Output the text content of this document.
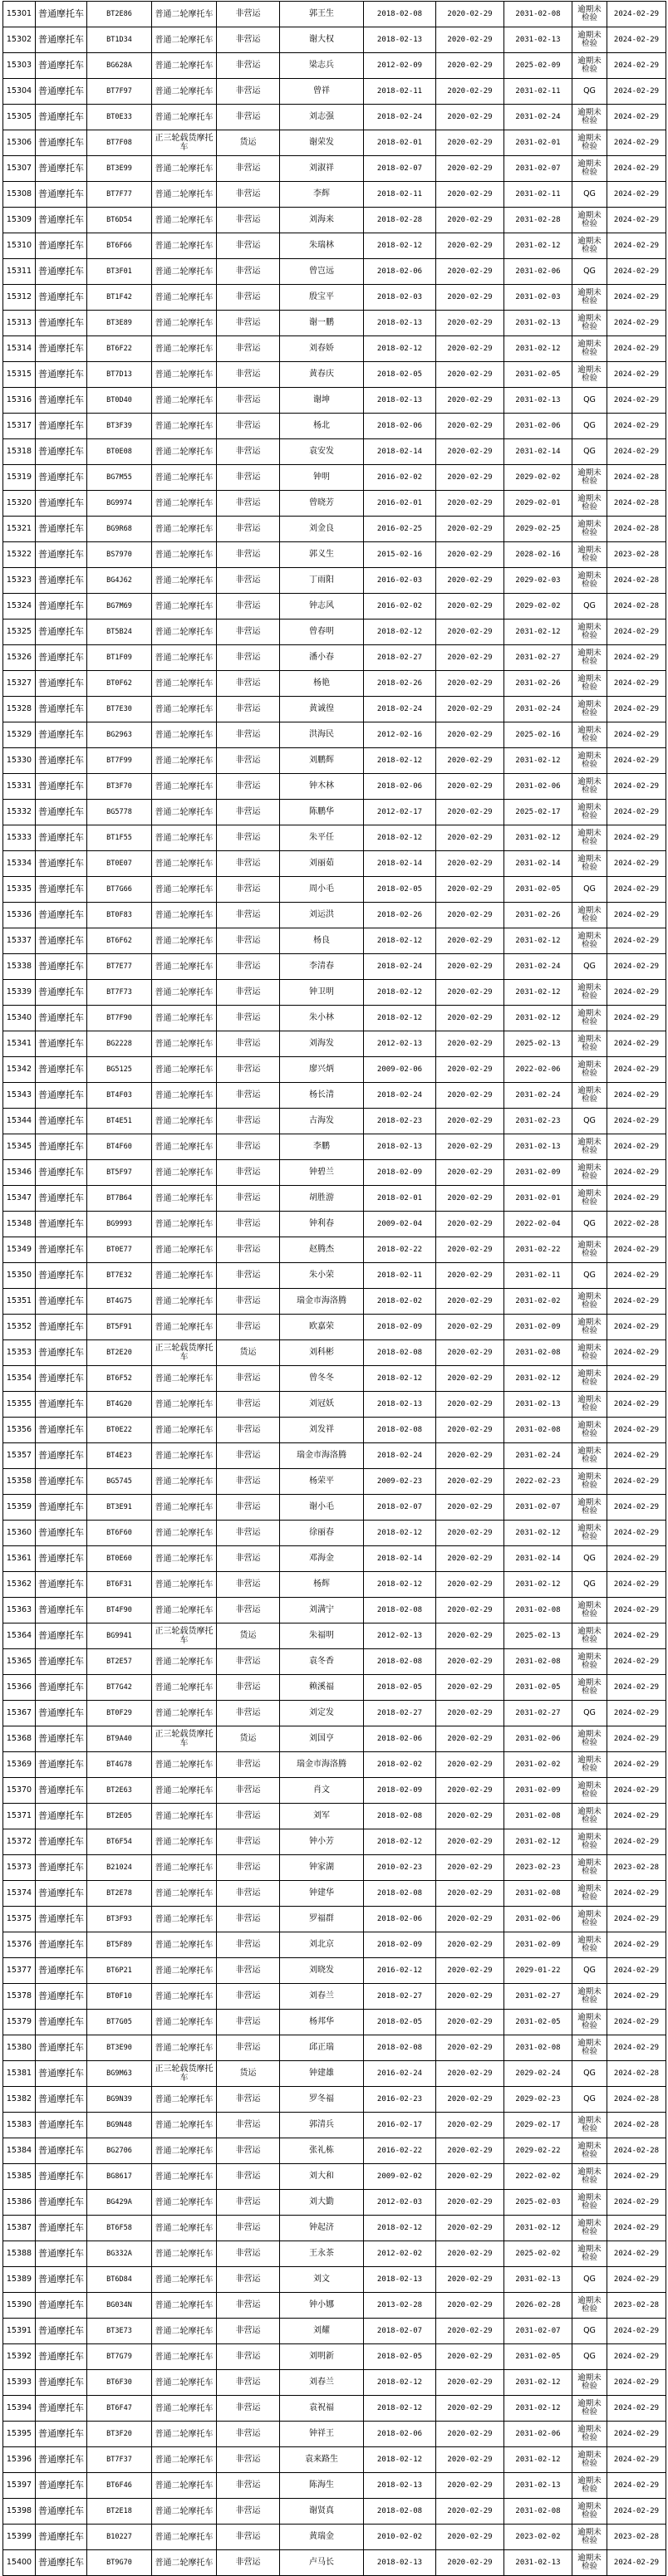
15301	普通摩托车	BT2E86	普通二轮摩托车	非营运	郭王生	2018-02-08	2020-02-29	2031-02-08	逾期未检验	2024-02-29
15302	普通摩托车	BT1D34	普通二轮摩托车	非营运	谢大权	2018-02-13	2020-02-29	2031-02-13	逾期未检验	2024-02-29
15303	普通摩托车	BG628A	普通二轮摩托车	非营运	梁志兵	2012-02-09	2020-02-29	2025-02-09	逾期未检验	2024-02-29
15304	普通摩托车	BT7F97	普通二轮摩托车	非营运	曾祥	2018-02-11	2020-02-29	2031-02-11	QG	2024-02-29
15305	普通摩托车	BT0E33	普通二轮摩托车	非营运	刘志强	2018-02-24	2020-02-29	2031-02-24	逾期未检验	2024-02-29
15306	普通摩托车	BT7F08	正三轮载货摩托车	货运	谢荣发	2018-02-01	2020-02-29	2031-02-01	逾期未检验	2024-02-29
15307	普通摩托车	BT3E99	普通二轮摩托车	非营运	刘淑祥	2018-02-07	2020-02-29	2031-02-07	逾期未检验	2024-02-29
15308	普通摩托车	BT7F77	普通二轮摩托车	非营运	李辉	2018-02-11	2020-02-29	2031-02-11	QG	2024-02-29
15309	普通摩托车	BT6D54	普通二轮摩托车	非营运	刘海来	2018-02-28	2020-02-29	2031-02-28	逾期未检验	2024-02-29
15310	普通摩托车	BT6F66	普通二轮摩托车	非营运	朱瑞林	2018-02-12	2020-02-29	2031-02-12	逾期未检验	2024-02-29
15311	普通摩托车	BT3F01	普通二轮摩托车	非营运	曾岂远	2018-02-06	2020-02-29	2031-02-06	QG	2024-02-29
15312	普通摩托车	BT1F42	普通二轮摩托车	非营运	殷宝平	2018-02-03	2020-02-29	2031-02-03	逾期未检验	2024-02-29
15313	普通摩托车	BT3E89	普通二轮摩托车	非营运	谢一鹏	2018-02-13	2020-02-29	2031-02-13	逾期未检验	2024-02-29
15314	普通摩托车	BT6F22	普通二轮摩托车	非营运	刘春娇	2018-02-12	2020-02-29	2031-02-12	逾期未检验	2024-02-29
15315	普通摩托车	BT7D13	普通二轮摩托车	非营运	黄春庆	2018-02-05	2020-02-29	2031-02-05	逾期未检验	2024-02-29
15316	普通摩托车	BT0D40	普通二轮摩托车	非营运	谢坤	2018-02-13	2020-02-29	2031-02-13	QG	2024-02-29
15317	普通摩托车	BT3F39	普通二轮摩托车	非营运	杨北	2018-02-06	2020-02-29	2031-02-06	QG	2024-02-29
15318	普通摩托车	BT0E08	普通二轮摩托车	非营运	袁安发	2018-02-14	2020-02-29	2031-02-14	QG	2024-02-29
15319	普通摩托车	BG7M55	普通二轮摩托车	非营运	钟明	2016-02-02	2020-02-29	2029-02-02	逾期未检验	2024-02-28
15320	普通摩托车	BG9974	普通二轮摩托车	非营运	曾晓芳	2016-02-01	2020-02-29	2029-02-01	逾期未检验	2024-02-28
15321	普通摩托车	BG9R68	普通二轮摩托车	非营运	刘金良	2016-02-25	2020-02-29	2029-02-25	逾期未检验	2024-02-28
15322	普通摩托车	BS7970	普通二轮摩托车	非营运	郭义生	2015-02-16	2020-02-29	2028-02-16	逾期未检验	2023-02-28
15323	普通摩托车	BG4J62	普通二轮摩托车	非营运	丁雨阳	2016-02-03	2020-02-29	2029-02-03	逾期未检验	2024-02-28
15324	普通摩托车	BG7M69	普通二轮摩托车	非营运	钟志风	2016-02-02	2020-02-29	2029-02-02	QG	2024-02-28
15325	普通摩托车	BT5B24	普通二轮摩托车	非营运	曾春明	2018-02-12	2020-02-29	2031-02-12	逾期未检验	2024-02-29
15326	普通摩托车	BT1F09	普通二轮摩托车	非营运	潘小春	2018-02-27	2020-02-29	2031-02-27	逾期未检验	2024-02-29
15327	普通摩托车	BT0F62	普通二轮摩托车	非营运	杨艳	2018-02-26	2020-02-29	2031-02-26	逾期未检验	2024-02-29
15328	普通摩托车	BT7E30	普通二轮摩托车	非营运	黄诚徨	2018-02-24	2020-02-29	2031-02-24	逾期未检验	2024-02-29
15329	普通摩托车	BG2963	普通二轮摩托车	非营运	洪海民	2012-02-16	2020-02-29	2025-02-16	逾期未检验	2024-02-29
15330	普通摩托车	BT7F99	普通二轮摩托车	非营运	刘鹏辉	2018-02-12	2020-02-29	2031-02-12	逾期未检验	2024-02-29
15331	普通摩托车	BT3F70	普通二轮摩托车	非营运	钟木林	2018-02-06	2020-02-29	2031-02-06	逾期未检验	2024-02-29
15332	普通摩托车	BG5778	普通二轮摩托车	非营运	陈鹏华	2012-02-17	2020-02-29	2025-02-17	逾期未检验	2024-02-29
15333	普通摩托车	BT1F55	普通二轮摩托车	非营运	朱平任	2018-02-12	2020-02-29	2031-02-12	逾期未检验	2024-02-29
15334	普通摩托车	BT0E07	普通二轮摩托车	非营运	刘丽茹	2018-02-14	2020-02-29	2031-02-14	逾期未检验	2024-02-29
15335	普通摩托车	BT7G66	普通二轮摩托车	非营运	周小毛	2018-02-05	2020-02-29	2031-02-05	QG	2024-02-29
15336	普通摩托车	BT0F83	普通二轮摩托车	非营运	刘运洪	2018-02-26	2020-02-29	2031-02-26	逾期未检验	2024-02-29
15337	普通摩托车	BT6F62	普通二轮摩托车	非营运	杨良	2018-02-12	2020-02-29	2031-02-12	逾期未检验	2024-02-29
15338	普通摩托车	BT7E77	普通二轮摩托车	非营运	李清春	2018-02-24	2020-02-29	2031-02-24	QG	2024-02-29
15339	普通摩托车	BT7F73	普通二轮摩托车	非营运	钟卫明	2018-02-12	2020-02-29	2031-02-12	逾期未检验	2024-02-29
15340	普通摩托车	BT7F90	普通二轮摩托车	非营运	朱小林	2018-02-12	2020-02-29	2031-02-12	逾期未检验	2024-02-29
15341	普通摩托车	BG2228	普通二轮摩托车	非营运	刘海发	2012-02-13	2020-02-29	2025-02-13	逾期未检验	2024-02-29
15342	普通摩托车	BG5125	普通二轮摩托车	非营运	廖兴炳	2009-02-06	2020-02-29	2022-02-06	逾期未检验	2024-02-29
15343	普通摩托车	BT4F03	普通二轮摩托车	非营运	杨长清	2018-02-24	2020-02-29	2031-02-24	逾期未检验	2024-02-29
15344	普通摩托车	BT4E51	普通二轮摩托车	非营运	古海发	2018-02-23	2020-02-29	2031-02-23	QG	2024-02-29
15345	普通摩托车	BT4F60	普通二轮摩托车	非营运	李鹏	2018-02-13	2020-02-29	2031-02-13	逾期未检验	2024-02-29
15346	普通摩托车	BT5F97	普通二轮摩托车	非营运	钟碧兰	2018-02-09	2020-02-29	2031-02-09	逾期未检验	2024-02-29
15347	普通摩托车	BT7B64	普通二轮摩托车	非营运	胡胜游	2018-02-01	2020-02-29	2031-02-01	逾期未检验	2024-02-29
15348	普通摩托车	BG9993	普通二轮摩托车	非营运	钟利春	2009-02-04	2020-02-29	2022-02-04	QG	2022-02-28
15349	普通摩托车	BT0E77	普通二轮摩托车	非营运	赵腾杰	2018-02-22	2020-02-29	2031-02-22	逾期未检验	2024-02-29
15350	普通摩托车	BT7E32	普通二轮摩托车	非营运	朱小荣	2018-02-11	2020-02-29	2031-02-11	QG	2024-02-29
15351	普通摩托车	BT4G75	普通二轮摩托车	非营运	瑞金市海洛腾	2018-02-02	2020-02-29	2031-02-02	逾期未检验	2024-02-29
15352	普通摩托车	BT5F91	普通二轮摩托车	非营运	欧嘉荣	2018-02-09	2020-02-29	2031-02-09	逾期未检验	2024-02-29
15353	普通摩托车	BT2E20	正三轮载货摩托车	货运	刘科彬	2018-02-08	2020-02-29	2031-02-08	逾期未检验	2024-02-29
15354	普通摩托车	BT6F52	普通二轮摩托车	非营运	曾冬冬	2018-02-12	2020-02-29	2031-02-12	逾期未检验	2024-02-29
15355	普通摩托车	BT4G20	普通二轮摩托车	非营运	刘冠妖	2018-02-13	2020-02-29	2031-02-13	逾期未检验	2024-02-29
15356	普通摩托车	BT0E22	普通二轮摩托车	非营运	刘发祥	2018-02-08	2020-02-29	2031-02-08	逾期未检验	2024-02-29
15357	普通摩托车	BT4E23	普通二轮摩托车	非营运	瑞金市海洛腾	2018-02-24	2020-02-29	2031-02-24	逾期未检验	2024-02-29
15358	普通摩托车	BG5745	普通二轮摩托车	非营运	杨荣平	2009-02-23	2020-02-29	2022-02-23	逾期未检验	2024-02-29
15359	普通摩托车	BT3E91	普通二轮摩托车	非营运	谢小毛	2018-02-07	2020-02-29	2031-02-07	逾期未检验	2024-02-29
15360	普通摩托车	BT6F60	普通二轮摩托车	非营运	徐丽春	2018-02-12	2020-02-29	2031-02-12	逾期未检验	2024-02-29
15361	普通摩托车	BT0E60	普通二轮摩托车	非营运	邓海金	2018-02-14	2020-02-29	2031-02-14	QG	2024-02-29
15362	普通摩托车	BT6F31	普通二轮摩托车	非营运	杨辉	2018-02-12	2020-02-29	2031-02-12	QG	2024-02-29
15363	普通摩托车	BT4F90	普通二轮摩托车	非营运	刘满宁	2018-02-08	2020-02-29	2031-02-08	逾期未检验	2024-02-29
15364	普通摩托车	BG9941	正三轮载货摩托车	货运	朱福明	2012-02-13	2020-02-29	2025-02-13	逾期未检验	2024-02-29
15365	普通摩托车	BT2E57	普通二轮摩托车	非营运	袁冬香	2018-02-08	2020-02-29	2031-02-08	逾期未检验	2024-02-29
15366	普通摩托车	BT7G42	普通二轮摩托车	非营运	赖溪福	2018-02-05	2020-02-29	2031-02-05	逾期未检验	2024-02-29
15367	普通摩托车	BT0F29	普通二轮摩托车	非营运	刘定发	2018-02-27	2020-02-29	2031-02-27	QG	2024-02-29
15368	普通摩托车	BT9A40	正三轮载货摩托车	货运	刘国亨	2018-02-06	2020-02-29	2031-02-06	逾期未检验	2024-02-29
15369	普通摩托车	BT4G78	普通二轮摩托车	非营运	瑞金市海洛腾	2018-02-02	2020-02-29	2031-02-02	逾期未检验	2024-02-29
15370	普通摩托车	BT2E63	普通二轮摩托车	非营运	肖文	2018-02-09	2020-02-29	2031-02-09	逾期未检验	2024-02-29
15371	普通摩托车	BT2E05	普通二轮摩托车	非营运	刘军	2018-02-08	2020-02-29	2031-02-08	逾期未检验	2024-02-29
15372	普通摩托车	BT6F54	普通二轮摩托车	非营运	钟小芳	2018-02-12	2020-02-29	2031-02-12	逾期未检验	2024-02-29
15373	普通摩托车	B21024	普通二轮摩托车	非营运	钟家湖	2010-02-23	2020-02-29	2023-02-23	逾期未检验	2023-02-28
15374	普通摩托车	BT2E78	普通二轮摩托车	非营运	钟建华	2018-02-08	2020-02-29	2031-02-08	逾期未检验	2024-02-29
15375	普通摩托车	BT3F93	普通二轮摩托车	非营运	罗福群	2018-02-06	2020-02-29	2031-02-06	逾期未检验	2024-02-29
15376	普通摩托车	BT5F89	普通二轮摩托车	非营运	刘北京	2018-02-09	2020-02-29	2031-02-09	逾期未检验	2024-02-29
15377	普通摩托车	BT6P21	普通二轮摩托车	非营运	刘晓发	2016-02-12	2020-02-29	2029-01-22	QG	2024-02-29
15378	普通摩托车	BT0F10	普通二轮摩托车	非营运	刘春兰	2018-02-27	2020-02-29	2031-02-27	逾期未检验	2024-02-29
15379	普通摩托车	BT7G05	普通二轮摩托车	非营运	杨邦华	2018-02-05	2020-02-29	2031-02-05	逾期未检验	2024-02-29
15380	普通摩托车	BT3E90	普通二轮摩托车	非营运	邱正瑞	2018-02-08	2020-02-29	2031-02-08	逾期未检验	2024-02-29
15381	普通摩托车	BG9M63	正三轮载货摩托车	货运	钟建雄	2016-02-24	2020-02-29	2029-02-24	QG	2024-02-28
15382	普通摩托车	BG9N39	普通二轮摩托车	非营运	罗冬福	2016-02-23	2020-02-29	2029-02-23	QG	2024-02-28
15383	普通摩托车	BG9N48	普通二轮摩托车	非营运	郭清兵	2016-02-17	2020-02-29	2029-02-17	逾期未检验	2024-02-28
15384	普通摩托车	BG2706	普通二轮摩托车	非营运	张礼栋	2016-02-22	2020-02-29	2029-02-22	逾期未检验	2024-02-28
15385	普通摩托车	BG8617	普通二轮摩托车	非营运	刘大和	2009-02-02	2020-02-29	2022-02-02	逾期未检验	2024-02-29
15386	普通摩托车	BG429A	普通二轮摩托车	非营运	刘大勤	2012-02-03	2020-02-29	2025-02-03	逾期未检验	2024-02-29
15387	普通摩托车	BT6F58	普通二轮摩托车	非营运	钟起济	2018-02-12	2020-02-29	2031-02-12	逾期未检验	2024-02-29
15388	普通摩托车	BG332A	普通二轮摩托车	非营运	王永茶	2012-02-02	2020-02-29	2025-02-02	逾期未检验	2024-02-29
15389	普通摩托车	BT6D84	普通二轮摩托车	非营运	刘文	2018-02-13	2020-02-29	2031-02-13	QG	2024-02-29
15390	普通摩托车	BG034N	普通二轮摩托车	非营运	钟小娜	2013-02-28	2020-02-29	2026-02-28	逾期未检验	2023-02-28
15391	普通摩托车	BT3E73	普通二轮摩托车	非营运	刘耀	2018-02-07	2020-02-29	2031-02-07	QG	2024-02-29
15392	普通摩托车	BT7G79	普通二轮摩托车	非营运	刘明新	2018-02-05	2020-02-29	2031-02-05	QG	2024-02-29
15393	普通摩托车	BT6F30	普通二轮摩托车	非营运	刘春兰	2018-02-12	2020-02-29	2031-02-12	逾期未检验	2024-02-29
15394	普通摩托车	BT6F47	普通二轮摩托车	非营运	袁祝福	2018-02-12	2020-02-29	2031-02-12	逾期未检验	2024-02-29
15395	普通摩托车	BT3F20	普通二轮摩托车	非营运	钟祥王	2018-02-06	2020-02-29	2031-02-06	逾期未检验	2024-02-29
15396	普通摩托车	BT7F37	普通二轮摩托车	非营运	袁来路生	2018-02-12	2020-02-29	2031-02-12	逾期未检验	2024-02-29
15397	普通摩托车	BT6F46	普通二轮摩托车	非营运	陈海生	2018-02-13	2020-02-29	2031-02-13	逾期未检验	2024-02-29
15398	普通摩托车	BT2E18	普通二轮摩托车	非营运	谢贤真	2018-02-08	2020-02-29	2031-02-08	逾期未检验	2024-02-29
15399	普通摩托车	B10227	普通二轮摩托车	非营运	黄瑞金	2010-02-02	2020-02-29	2023-02-02	逾期未检验	2023-02-28
15400	普通摩托车	BT9G70	普通二轮摩托车	非营运	卢马长	2018-02-13	2020-02-29	2031-02-13	逾期未检验	2024-02-29
